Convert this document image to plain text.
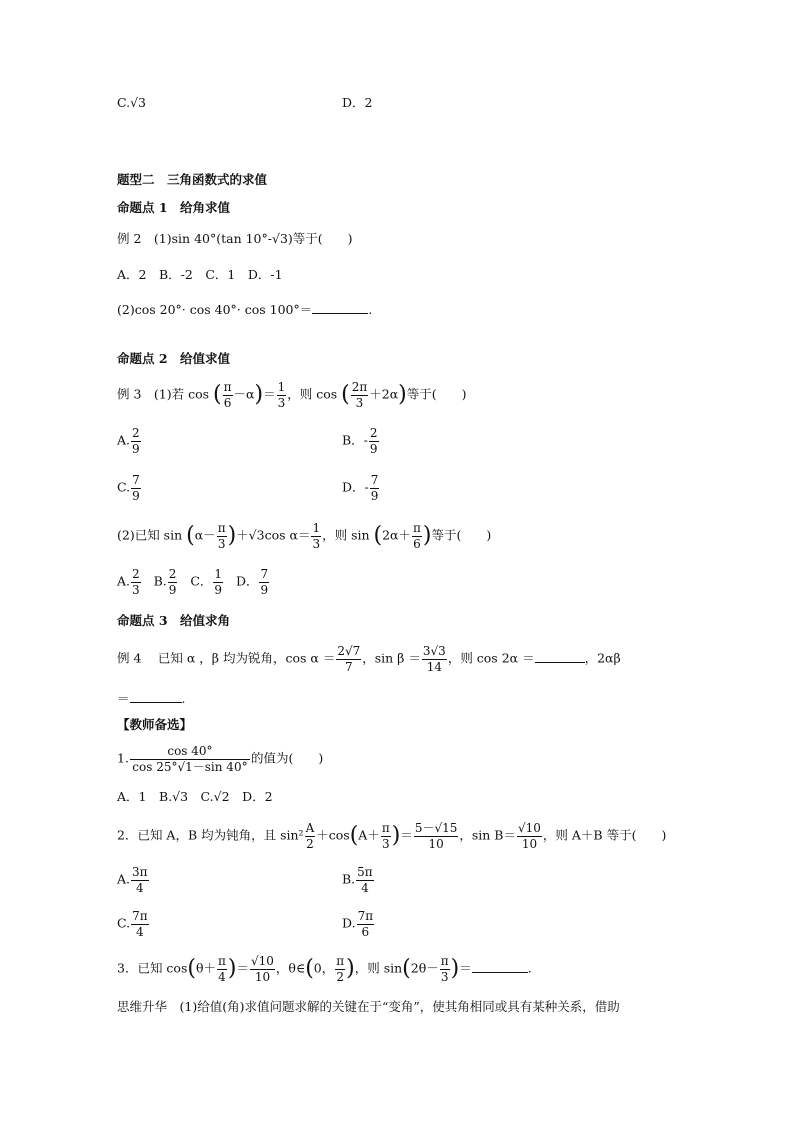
C.√3	D．2
题型二　三角函数式的求值
命题点 1　给角求值
例 2　(1)sin 40°(tan 10°-√3)等于(　　)
A．2　B．-2　C．1　D．-1
(2)cos 20°· cos 40°· cos 100°＝	.
命题点 2　给值求值
例 3　(1)若 cos ( $\frac{\pi}{6} -\alpha)= \frac{1}{3}$ ，则 cos ( $\frac{2\pi}{3} +2\alpha$)等于(　　)
A. $\frac{2}{9}$	B．- $\frac{2}{9}$
C. $\frac{7}{9}$	D．- $\frac{7}{9}$
(2)已知 $\sin (\alpha- \frac{\pi}{3} )+√3\cos$ $\alpha= \frac{1}{3}$ ，则 $\sin (2\alpha+ \frac{\pi}{6}$ )等于(　　)
A. $\frac{2}{3} B$. $\frac{2}{9}$ C． $\frac{1}{9}$ D． $\frac{7}{9}$
命题点 3　给值求角
例 4　 已知 α ，β 均为锐角，$\cos \alpha = \frac{2√7}{7}$ ，$\sin \beta = \frac{3√3}{14}$ ，则 cos 2α ＝	，2αβ
＝	.
【教师备选】
1. $\frac{\cos 40^\circ}{\cos 25^\circ√1-\sin 40^\circ}$ 的值为(　　)
A．1　B.√3　C.√2　D．2
2．已知 A，B 均为钝角，且 $\sin^2 \frac{A}{2} +\cos(A+ \frac{\pi}{3}$ )＝ $\frac{5-√15}{10}$ ，$\sin B= \frac{√10}{10}$ ，则 A＋B 等于(　　)
A. $\frac{3\pi}{4}$	B. $\frac{5\pi}{4}$
C. $\frac{7\pi}{4}$	D. $\frac{7\pi}{6}$
3．已知 $\cos(\theta+ \frac{\pi}{4}$ )＝ $\frac{√10}{10}$ ，θ∈(0， $\frac{\pi}{2}$ )，则 $\sin(2\theta- \frac{\pi}{3}$ )＝	.
思维升华　(1)给值(角)求值问题求解的关键在于“变角”，使其角相同或具有某种关系，借助
